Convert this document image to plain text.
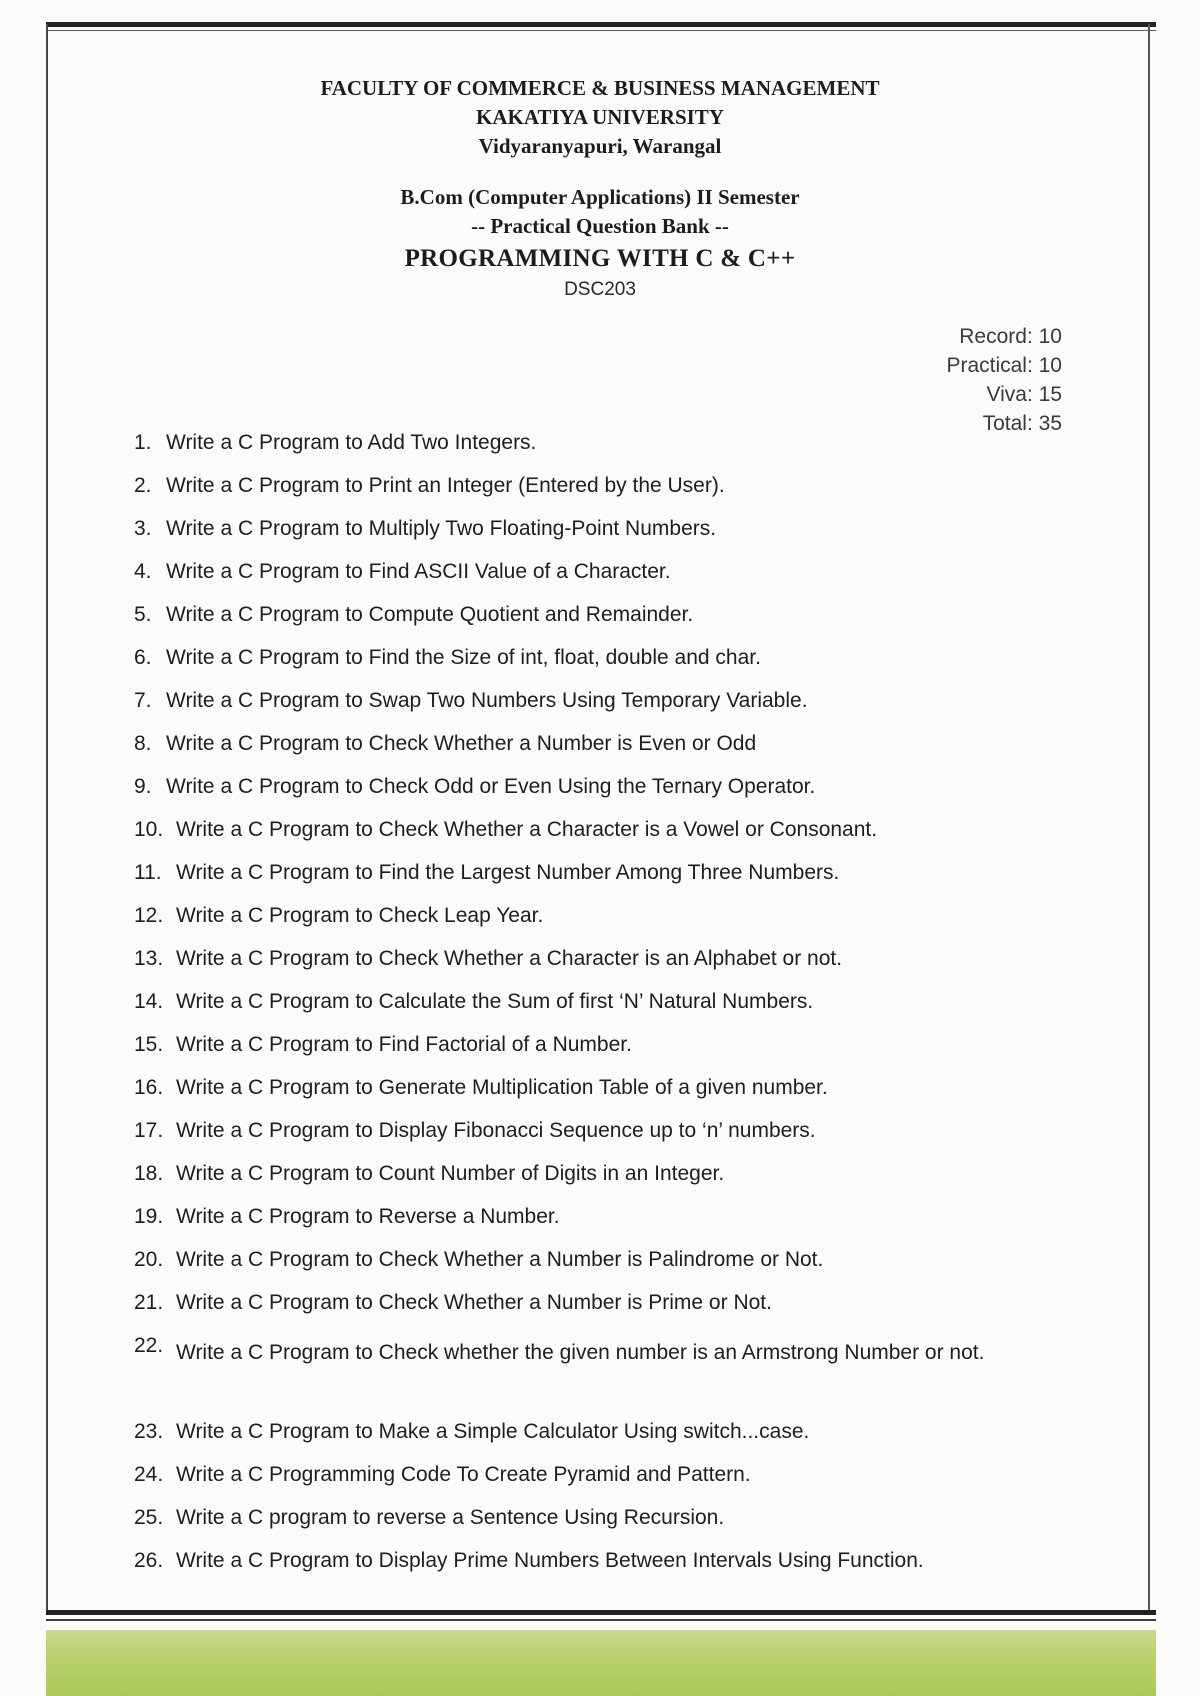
FACULTY OF COMMERCE & BUSINESS MANAGEMENT
KAKATIYA UNIVERSITY
Vidyaranyapuri, Warangal
B.Com (Computer Applications) II Semester
-- Practical Question Bank --
PROGRAMMING WITH C & C++
DSC203
Record: 10
Practical: 10
Viva: 15
Total: 35
1. Write a C Program to Add Two Integers.
2. Write a C Program to Print an Integer (Entered by the User).
3. Write a C Program to Multiply Two Floating-Point Numbers.
4. Write a C Program to Find ASCII Value of a Character.
5. Write a C Program to Compute Quotient and Remainder.
6. Write a C Program to Find the Size of int, float, double and char.
7. Write a C Program to Swap Two Numbers Using Temporary Variable.
8. Write a C Program to Check Whether a Number is Even or Odd
9. Write a C Program to Check Odd or Even Using the Ternary Operator.
10. Write a C Program to Check Whether a Character is a Vowel or Consonant.
11. Write a C Program to Find the Largest Number Among Three Numbers.
12. Write a C Program to Check Leap Year.
13. Write a C Program to Check Whether a Character is an Alphabet or not.
14. Write a C Program to Calculate the Sum of first ‘N’ Natural Numbers.
15. Write a C Program to Find Factorial of a Number.
16. Write a C Program to Generate Multiplication Table of a given number.
17. Write a C Program to Display Fibonacci Sequence up to ‘n’ numbers.
18. Write a C Program to Count Number of Digits in an Integer.
19. Write a C Program to Reverse a Number.
20. Write a C Program to Check Whether a Number is Palindrome or Not.
21. Write a C Program to Check Whether a Number is Prime or Not.
22. Write a C Program to Check whether the given number is an Armstrong Number or not.
23. Write a C Program to Make a Simple Calculator Using switch...case.
24. Write a C Programming Code To Create Pyramid and Pattern.
25. Write a C program to reverse a Sentence Using Recursion.
26. Write a C Program to Display Prime Numbers Between Intervals Using Function.
